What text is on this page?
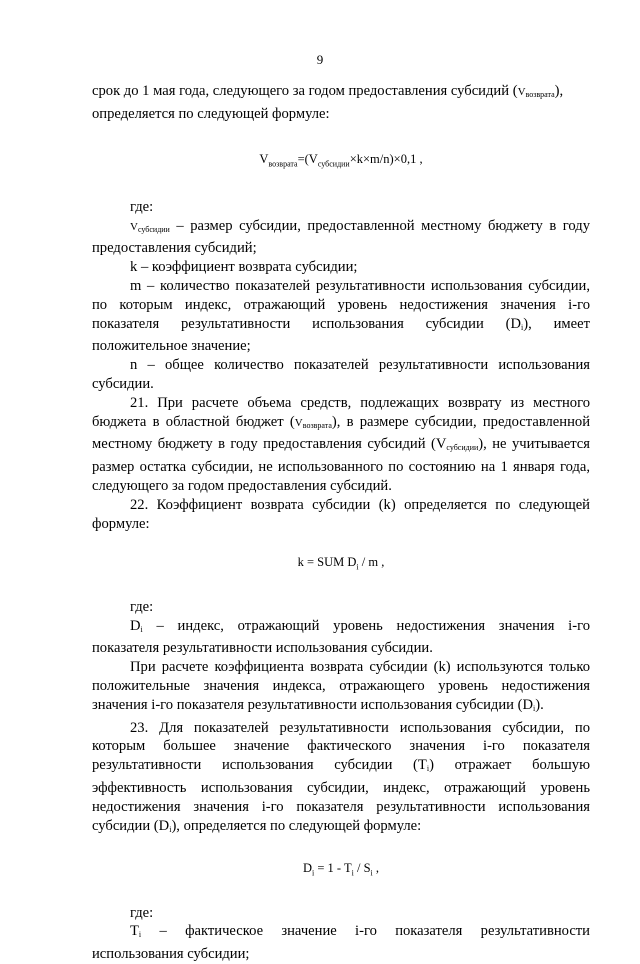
9

срок до 1 мая года, следующего за годом предоставления субсидий $(V_{возврата})$,
определяется по следующей формуле:

$V_{возврата}=(V_{субсидии}\times k\times m/n)\times 0,1$ ,

где:

$V_{субсидии}$ – размер субсидии, предоставленной местному бюджету в году предоставления субсидий;

k – коэффициент возврата субсидии;

m – количество показателей результативности использования субсидии, по которым индекс, отражающий уровень недостижения значения i-го показателя результативности использования субсидии $(D_i)$, имеет положительное значение;

n – общее количество показателей результативности использования субсидии.

21. При расчете объема средств, подлежащих возврату из местного бюджета в областной бюджет $(V_{возврата})$, в размере субсидии, предоставленной местному бюджету в году предоставления субсидий $(V_{субсидии})$, не учитывается размер остатка субсидии, не использованного по состоянию на 1 января года, следующего за годом предоставления субсидий.

22. Коэффициент возврата субсидии (k) определяется по следующей формуле:

k = SUM $D_i$ / m ,

где:

$D_i$ – индекс, отражающий уровень недостижения значения i-го показателя результативности использования субсидии.

При расчете коэффициента возврата субсидии (k) используются только положительные значения индекса, отражающего уровень недостижения значения i-го показателя результативности использования субсидии $(D_i)$.

23. Для показателей результативности использования субсидии, по которым большее значение фактического значения i-го показателя результативности использования субсидии $(T_i)$ отражает большую эффективность использования субсидии, индекс, отражающий уровень недостижения значения i-го показателя результативности использования субсидии $(D_i)$, определяется по следующей формуле:

$D_i = 1 - T_i / S_i$ ,

где:

$T_i$ – фактическое значение i-го показателя результативности использования субсидии;
